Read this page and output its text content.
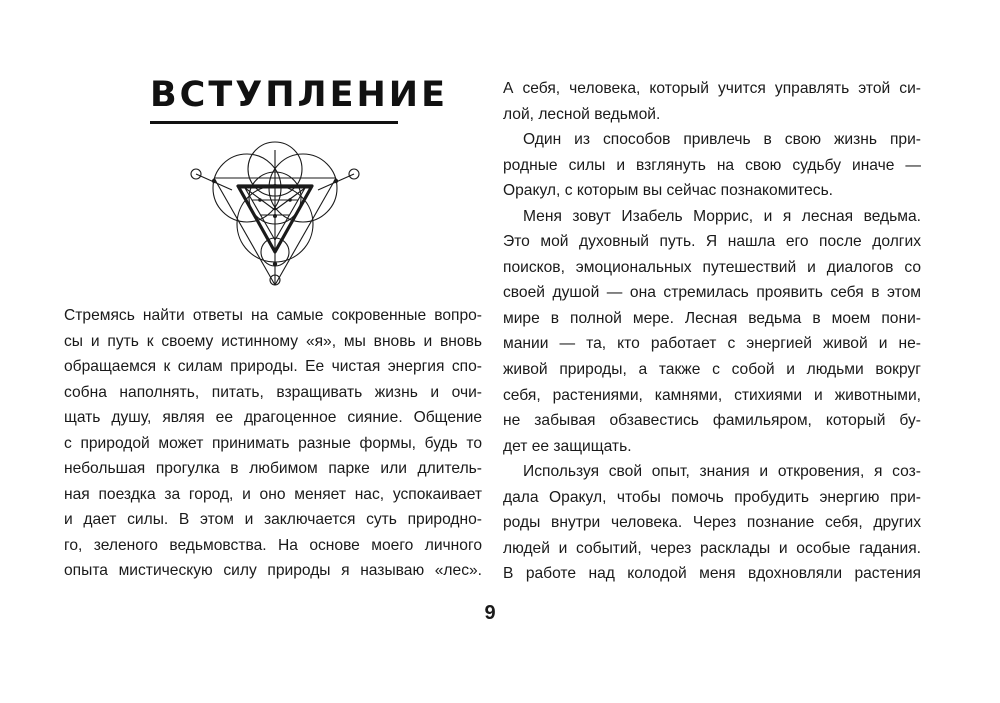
ВСТУПЛЕНИЕ
Стремясь найти ответы на самые сокровенные вопро-
сы и путь к своему истинному «я», мы вновь и вновь
обращаемся к силам природы. Ее чистая энергия спо-
собна наполнять, питать, взращивать жизнь и очи-
щать душу, являя ее драгоценное сияние. Общение
с природой может принимать разные формы, будь то
небольшая прогулка в любимом парке или длитель-
ная поездка за город, и оно меняет нас, успокаивает
и дает силы. В этом и заключается суть природно-
го, зеленого ведьмовства. На основе моего личного
опыта мистическую силу природы я называю «лес».
А себя, человека, который учится управлять этой си-
лой, лесной ведьмой.
Один из способов привлечь в свою жизнь при-
родные силы и взглянуть на свою судьбу иначе —
Оракул, с которым вы сейчас познакомитесь.
Меня зовут Изабель Моррис, и я лесная ведьма.
Это мой духовный путь. Я нашла его после долгих
поисков, эмоциональных путешествий и диалогов со
своей душой — она стремилась проявить себя в этом
мире в полной мере. Лесная ведьма в моем пони-
мании — та, кто работает с энергией живой и не-
живой природы, а также с собой и людьми вокруг
себя, растениями, камнями, стихиями и животными,
не забывая обзавестись фамильяром, который бу-
дет ее защищать.
Используя свой опыт, знания и откровения, я соз-
дала Оракул, чтобы помочь пробудить энергию при-
роды внутри человека. Через познание себя, других
людей и событий, через расклады и особые гадания.
В работе над колодой меня вдохновляли растения
9
